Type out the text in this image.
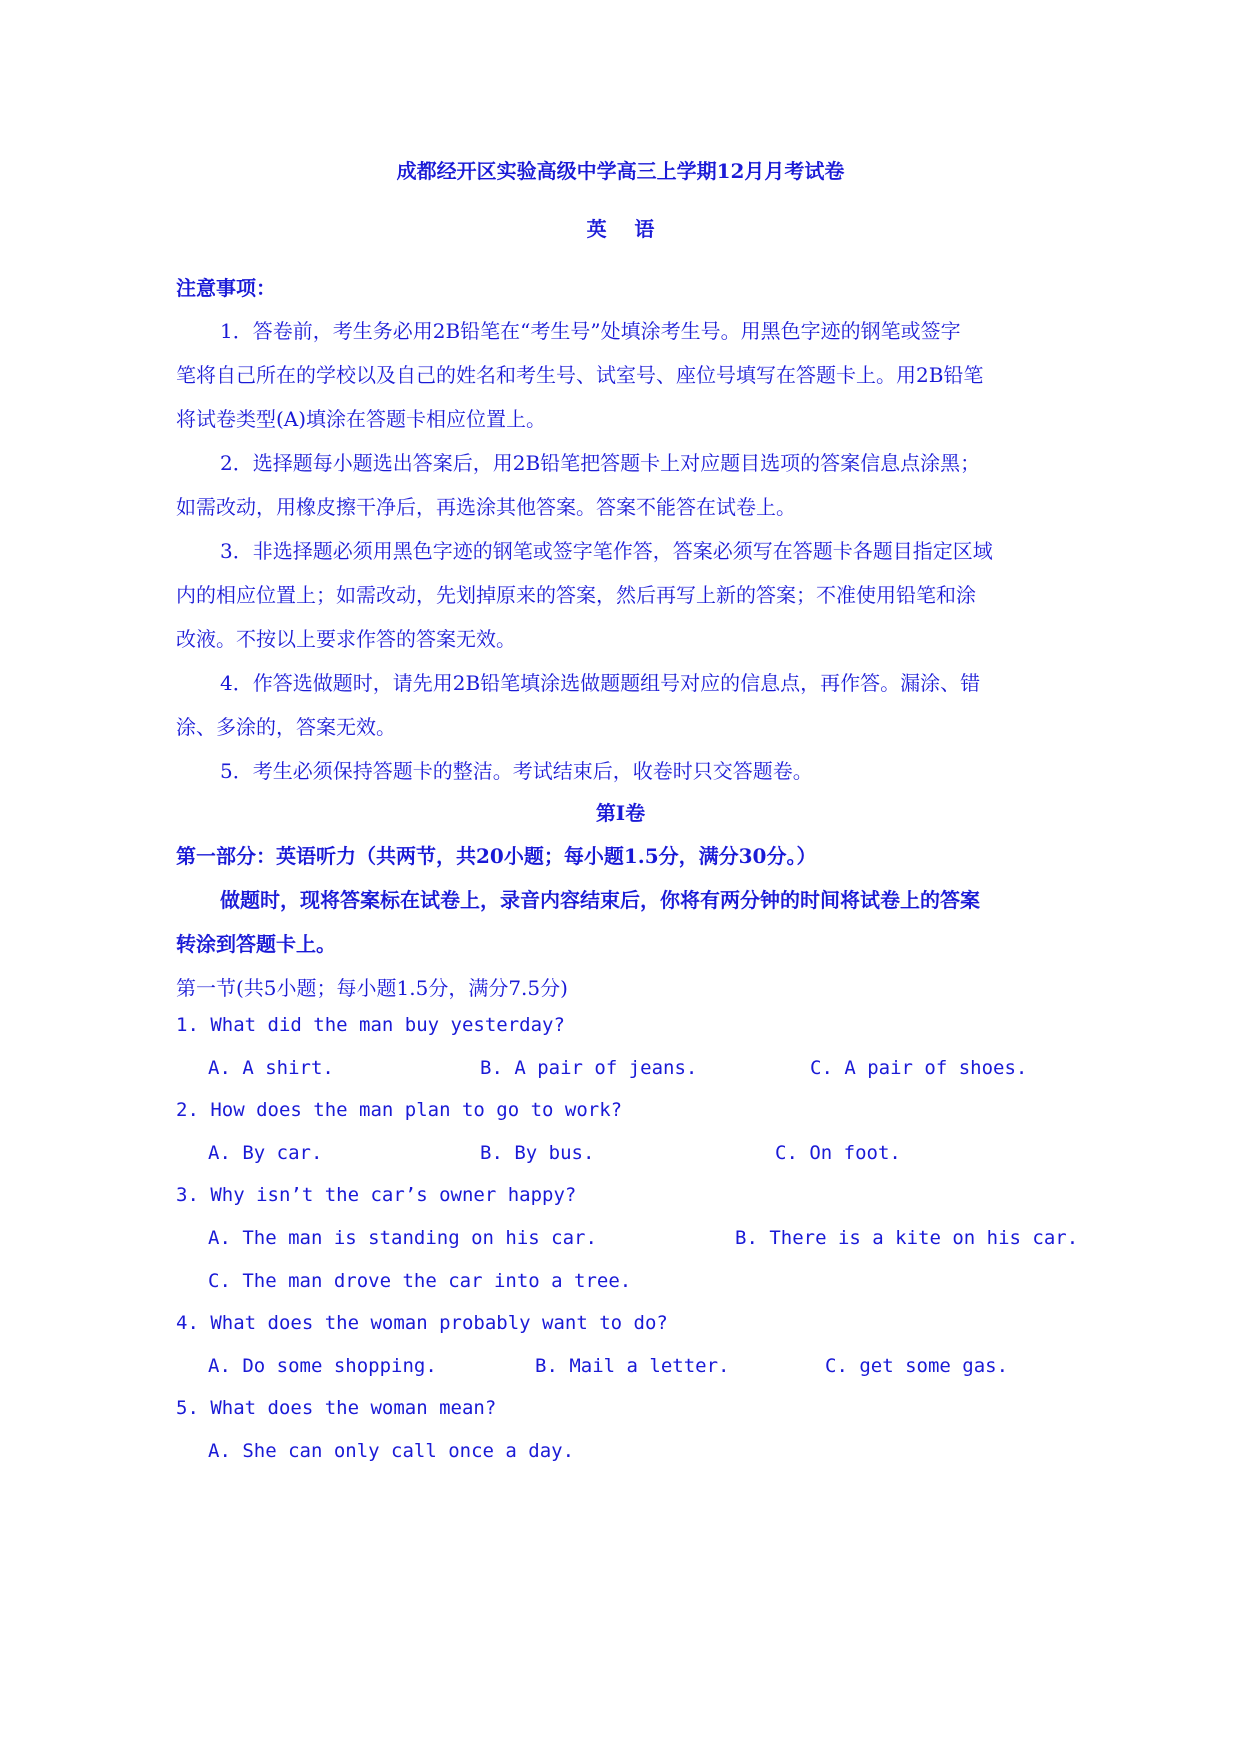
成都经开区实验高级中学高三上学期12月月考试卷
英    语
注意事项：
1．答卷前，考生务必用2B铅笔在“考生号”处填涂考生号。用黑色字迹的钢笔或签字
笔将自己所在的学校以及自己的姓名和考生号、试室号、座位号填写在答题卡上。用2B铅笔
将试卷类型(A)填涂在答题卡相应位置上。
2．选择题每小题选出答案后，用2B铅笔把答题卡上对应题目选项的答案信息点涂黑；
如需改动，用橡皮擦干净后，再选涂其他答案。答案不能答在试卷上。
3．非选择题必须用黑色字迹的钢笔或签字笔作答，答案必须写在答题卡各题目指定区域
内的相应位置上；如需改动，先划掉原来的答案，然后再写上新的答案；不准使用铅笔和涂
改液。不按以上要求作答的答案无效。
4．作答选做题时，请先用2B铅笔填涂选做题题组号对应的信息点，再作答。漏涂、错
涂、多涂的，答案无效。
5．考生必须保持答题卡的整洁。考试结束后，收卷时只交答题卷。
第Ⅰ卷
第一部分：英语听力（共两节，共20小题；每小题1.5分，满分30分。）
做题时，现将答案标在试卷上，录音内容结束后，你将有两分钟的时间将试卷上的答案
转涂到答题卡上。
第一节(共5小题；每小题1.5分，满分7.5分)
1. What did the man buy yesterday?
A. A shirt.	B. A pair of jeans.	C. A pair of shoes.
2. How does the man plan to go to work?
A. By car.	B. By bus.	C. On foot.
3. Why isn’t the car’s owner happy?
A. The man is standing on his car.	B. There is a kite on his car.
C. The man drove the car into a tree.
4. What does the woman probably want to do?
A. Do some shopping.	B. Mail a letter.	C. get some gas.
5. What does the woman mean?
A. She can only call once a day.
